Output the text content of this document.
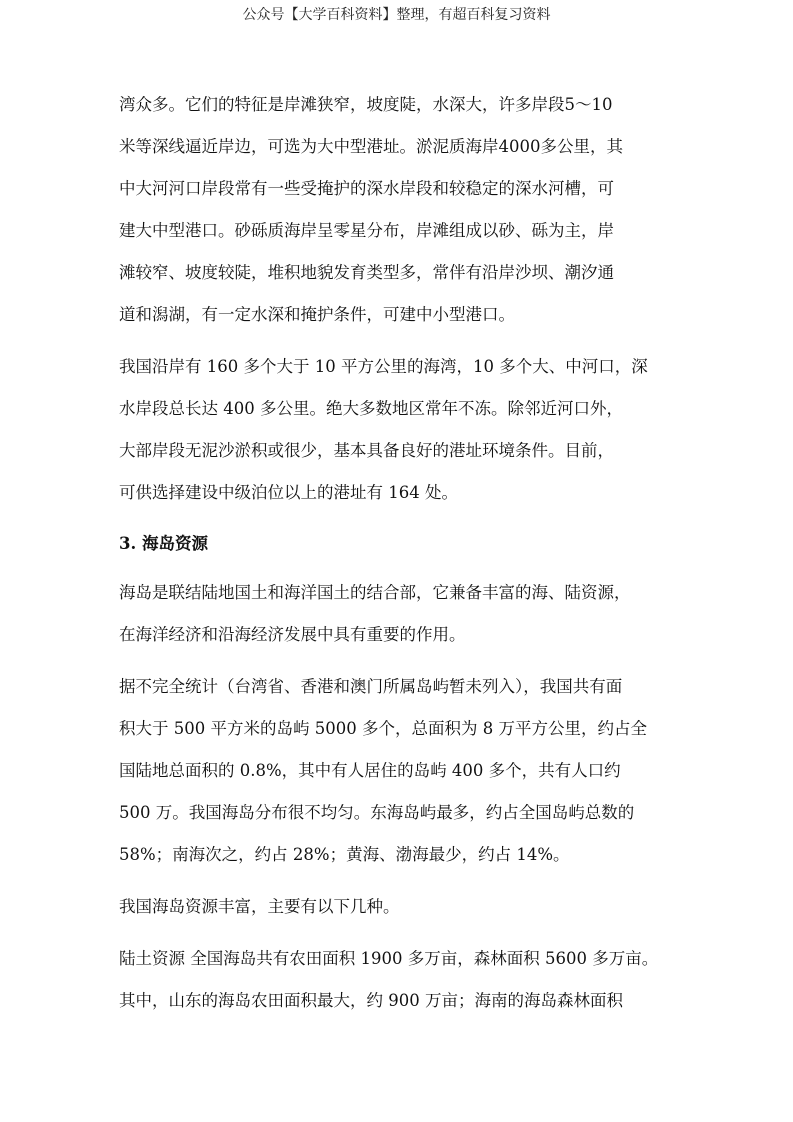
公众号【大学百科资料】整理，有超百科复习资料
湾众多。它们的特征是岸滩狭窄，坡度陡，水深大，许多岸段5～10
米等深线逼近岸边，可选为大中型港址。淤泥质海岸4000多公里，其
中大河河口岸段常有一些受掩护的深水岸段和较稳定的深水河槽，可
建大中型港口。砂砾质海岸呈零星分布，岸滩组成以砂、砾为主，岸
滩较窄、坡度较陡，堆积地貌发育类型多，常伴有沿岸沙坝、潮汐通
道和潟湖，有一定水深和掩护条件，可建中小型港口。
我国沿岸有 160 多个大于 10 平方公里的海湾，10 多个大、中河口，深
水岸段总长达 400 多公里。绝大多数地区常年不冻。除邻近河口外，
大部岸段无泥沙淤积或很少，基本具备良好的港址环境条件。目前，
可供选择建设中级泊位以上的港址有 164 处。
3. 海岛资源
海岛是联结陆地国土和海洋国土的结合部，它兼备丰富的海、陆资源，
在海洋经济和沿海经济发展中具有重要的作用。
据不完全统计（台湾省、香港和澳门所属岛屿暂未列入），我国共有面
积大于 500 平方米的岛屿 5000 多个，总面积为 8 万平方公里，约占全
国陆地总面积的 0.8%，其中有人居住的岛屿 400 多个，共有人口约
500 万。我国海岛分布很不均匀。东海岛屿最多，约占全国岛屿总数的
58%；南海次之，约占 28%；黄海、渤海最少，约占 14%。
我国海岛资源丰富，主要有以下几种。
陆土资源 全国海岛共有农田面积 1900 多万亩，森林面积 5600 多万亩。
其中，山东的海岛农田面积最大，约 900 万亩；海南的海岛森林面积
